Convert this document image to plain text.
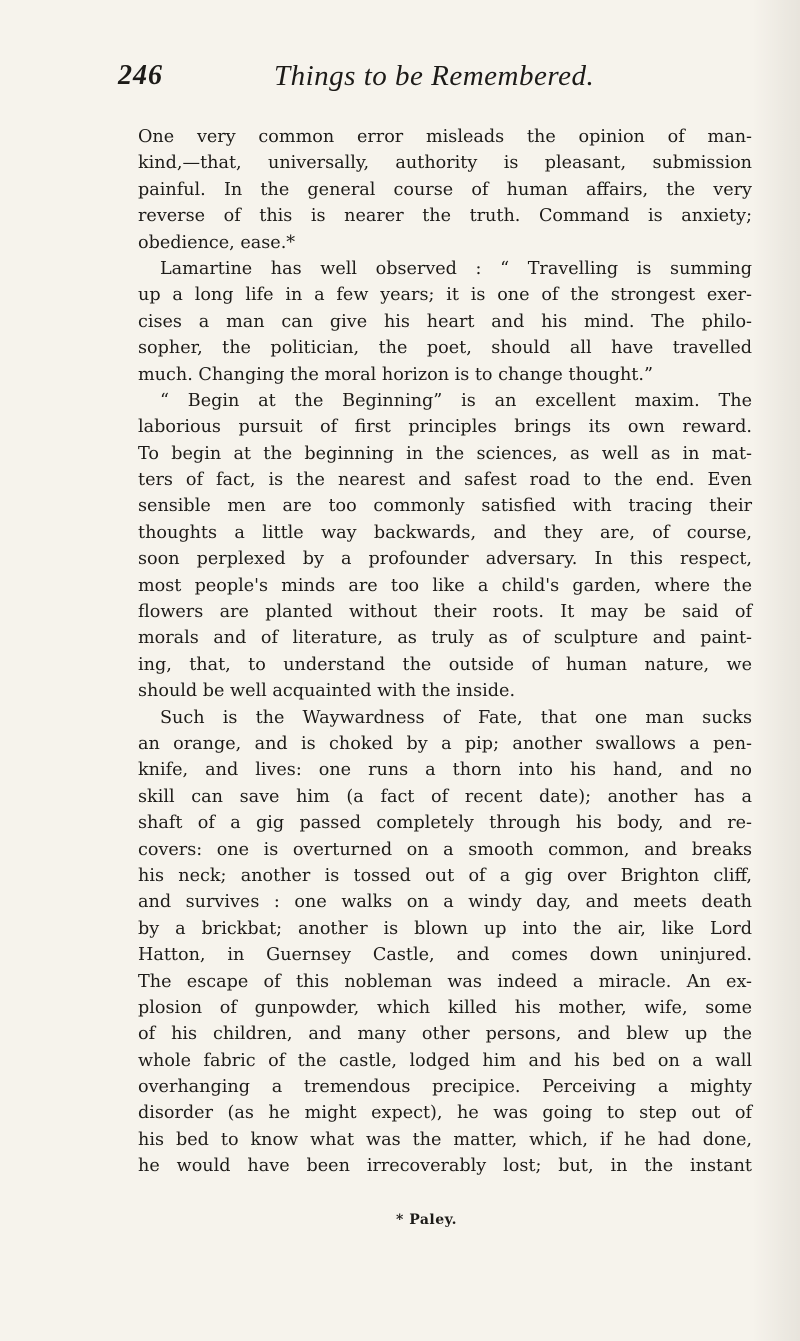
246	Things to be Remembered.
One very common error misleads the opinion of man-
kind,—that, universally, authority is pleasant, submission
painful. In the general course of human affairs, the very
reverse of this is nearer the truth. Command is anxiety;
obedience, ease.*
Lamartine has well observed : “ Travelling is summing
up a long life in a few years; it is one of the strongest exer-
cises a man can give his heart and his mind. The philo-
sopher, the politician, the poet, should all have travelled
much. Changing the moral horizon is to change thought.”
“ Begin at the Beginning” is an excellent maxim. The
laborious pursuit of first principles brings its own reward.
To begin at the beginning in the sciences, as well as in mat-
ters of fact, is the nearest and safest road to the end. Even
sensible men are too commonly satisfied with tracing their
thoughts a little way backwards, and they are, of course,
soon perplexed by a profounder adversary. In this respect,
most people's minds are too like a child's garden, where the
flowers are planted without their roots. It may be said of
morals and of literature, as truly as of sculpture and paint-
ing, that, to understand the outside of human nature, we
should be well acquainted with the inside.
Such is the Waywardness of Fate, that one man sucks
an orange, and is choked by a pip; another swallows a pen-
knife, and lives: one runs a thorn into his hand, and no
skill can save him (a fact of recent date); another has a
shaft of a gig passed completely through his body, and re-
covers: one is overturned on a smooth common, and breaks
his neck; another is tossed out of a gig over Brighton cliff,
and survives : one walks on a windy day, and meets death
by a brickbat; another is blown up into the air, like Lord
Hatton, in Guernsey Castle, and comes down uninjured.
The escape of this nobleman was indeed a miracle. An ex-
plosion of gunpowder, which killed his mother, wife, some
of his children, and many other persons, and blew up the
whole fabric of the castle, lodged him and his bed on a wall
overhanging a tremendous precipice. Perceiving a mighty
disorder (as he might expect), he was going to step out of
his bed to know what was the matter, which, if he had done,
he would have been irrecoverably lost; but, in the instant
* Paley.
